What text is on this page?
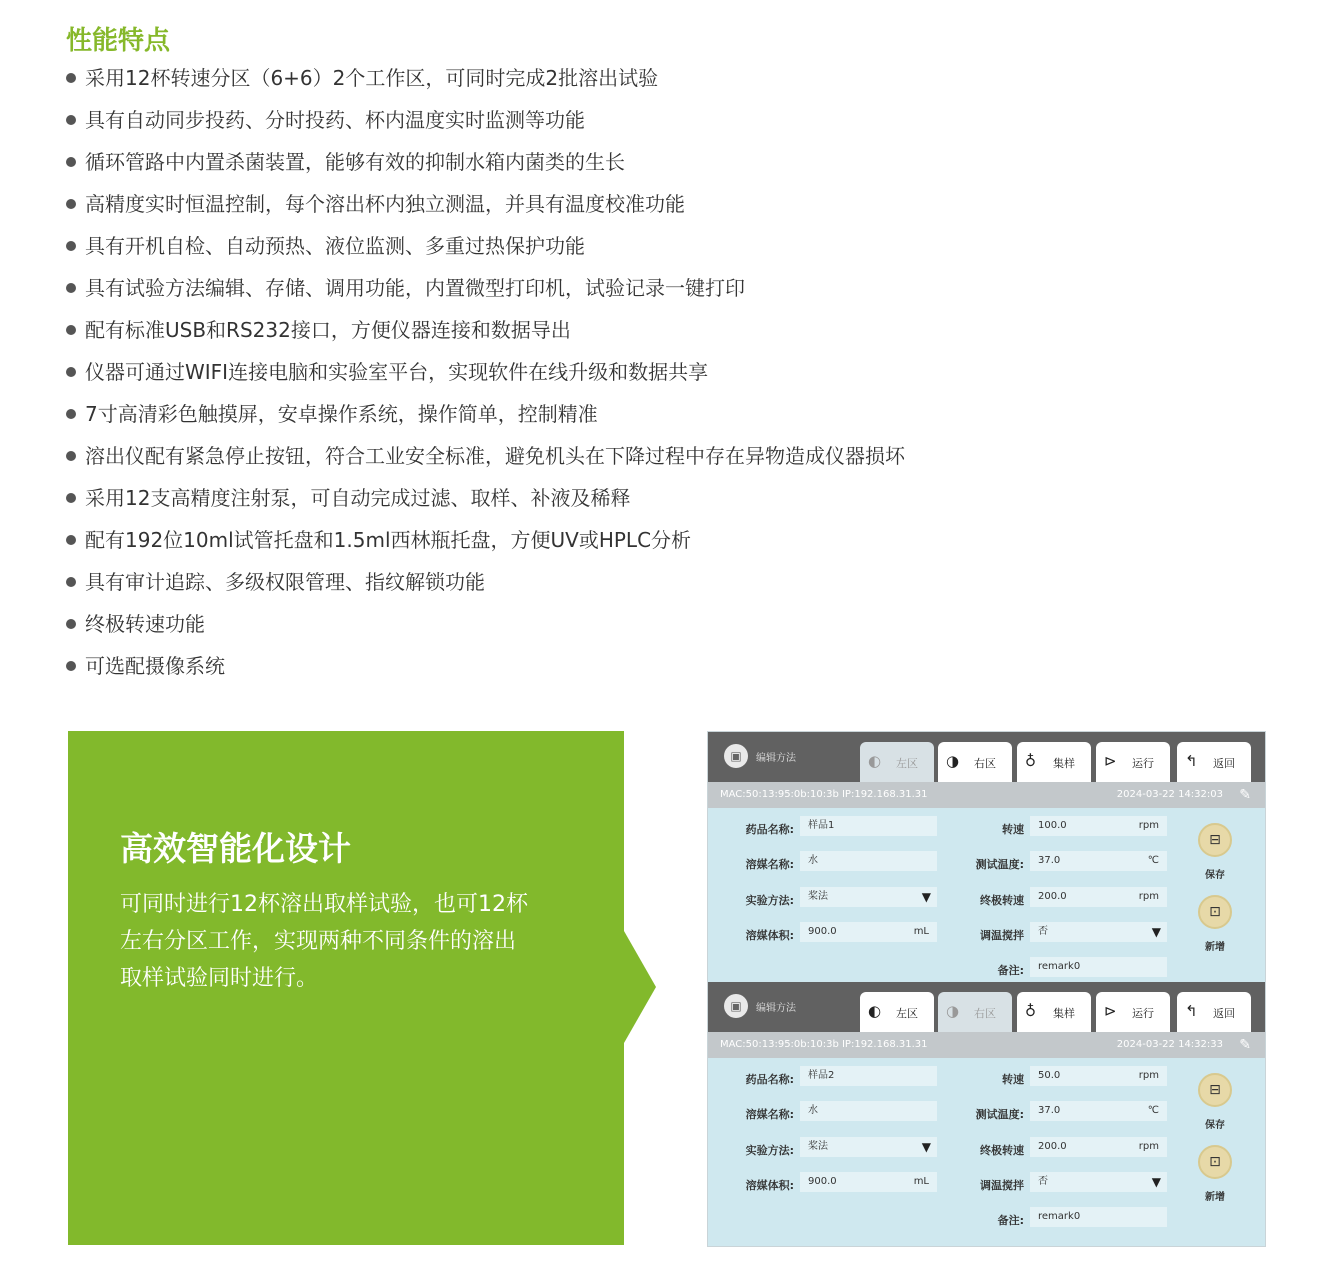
性能特点
采用12杯转速分区（6+6）2个工作区，可同时完成2批溶出试验
具有自动同步投药、分时投药、杯内温度实时监测等功能
循环管路中内置杀菌装置，能够有效的抑制水箱内菌类的生长
高精度实时恒温控制，每个溶出杯内独立测温，并具有温度校准功能
具有开机自检、自动预热、液位监测、多重过热保护功能
具有试验方法编辑、存储、调用功能，内置微型打印机，试验记录一键打印
配有标准USB和RS232接口，方便仪器连接和数据导出
仪器可通过WIFI连接电脑和实验室平台，实现软件在线升级和数据共享
7寸高清彩色触摸屏，安卓操作系统，操作简单，控制精准
溶出仪配有紧急停止按钮，符合工业安全标准，避免机头在下降过程中存在异物造成仪器损坏
采用12支高精度注射泵，可自动完成过滤、取样、补液及稀释
配有192位10ml试管托盘和1.5ml西林瓶托盘，方便UV或HPLC分析
具有审计追踪、多级权限管理、指纹解锁功能
终极转速功能
可选配摄像系统
高效智能化设计
可同时进行12杯溶出取样试验，也可12杯
左右分区工作，实现两种不同条件的溶出
取样试验同时进行。
▣	编辑方法	◐ 左区 ◑ 右区 ♁ 集样 ⊳ 运行 ↰ 返回
MAC:50:13:95:0b:10:3b IP:192.168.31.31	2024-03-22 14:32:03 ✎
药品名称:	样品1
溶媒名称:	水
实验方法:	桨法	▼
溶媒体积:	900.0	mL
转速	100.0	rpm
测试温度:	37.0	℃
终极转速	200.0	rpm
调温搅拌	否	▼
备注:	remark0
⊟
保存
⊡
新增
▣	编辑方法	◐ 左区 ◑ 右区 ♁ 集样 ⊳ 运行 ↰ 返回
MAC:50:13:95:0b:10:3b IP:192.168.31.31	2024-03-22 14:32:33 ✎
药品名称:	样品2
溶媒名称:	水
实验方法:	桨法	▼
溶媒体积:	900.0	mL
转速	50.0	rpm
测试温度:	37.0	℃
终极转速	200.0	rpm
调温搅拌	否	▼
备注:	remark0
⊟
保存
⊡
新增
